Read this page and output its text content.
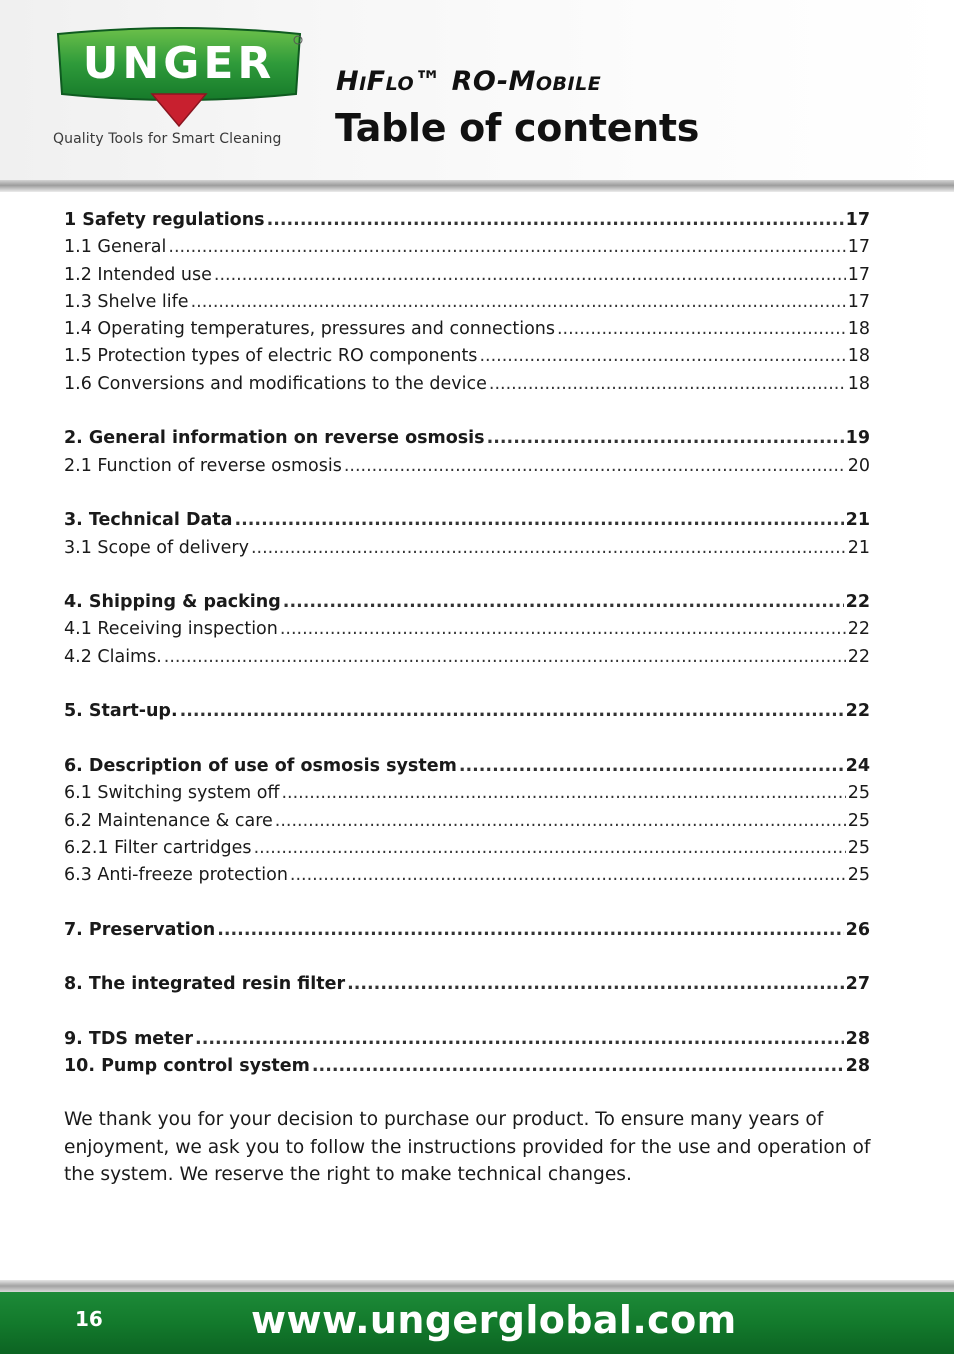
UNGER
Quality Tools for Smart Cleaning
HiFlo™ RO-Mobile
Table of contents
1 Safety regulations .....	17
1.1 General .....	17
1.2 Intended use .....	17
1.3 Shelve life .....	17
1.4 Operating temperatures, pressures and connections .....	18
1.5 Protection types of electric RO components .....	18
1.6 Conversions and modifications to the device .....	18
2. General information on reverse osmosis .....	19
2.1 Function of reverse osmosis .....	20
3. Technical Data .....	21
3.1 Scope of delivery .....	21
4. Shipping & packing .....	22
4.1 Receiving inspection .....	22
4.2 Claims. .....	22
5. Start-up. .....	22
6. Description of use of osmosis system .....	24
6.1 Switching system off .....	25
6.2 Maintenance & care .....	25
6.2.1 Filter cartridges .....	25
6.3 Anti-freeze protection .....	25
7. Preservation .....	26
8. The integrated resin filter .....	27
9. TDS meter .....	28
10. Pump control system .....	28

We thank you for your decision to purchase our product. To ensure many years of enjoyment, we ask you to follow the instructions provided for the use and operation of the system. We reserve the right to make technical changes.

16	www.ungerglobal.com
